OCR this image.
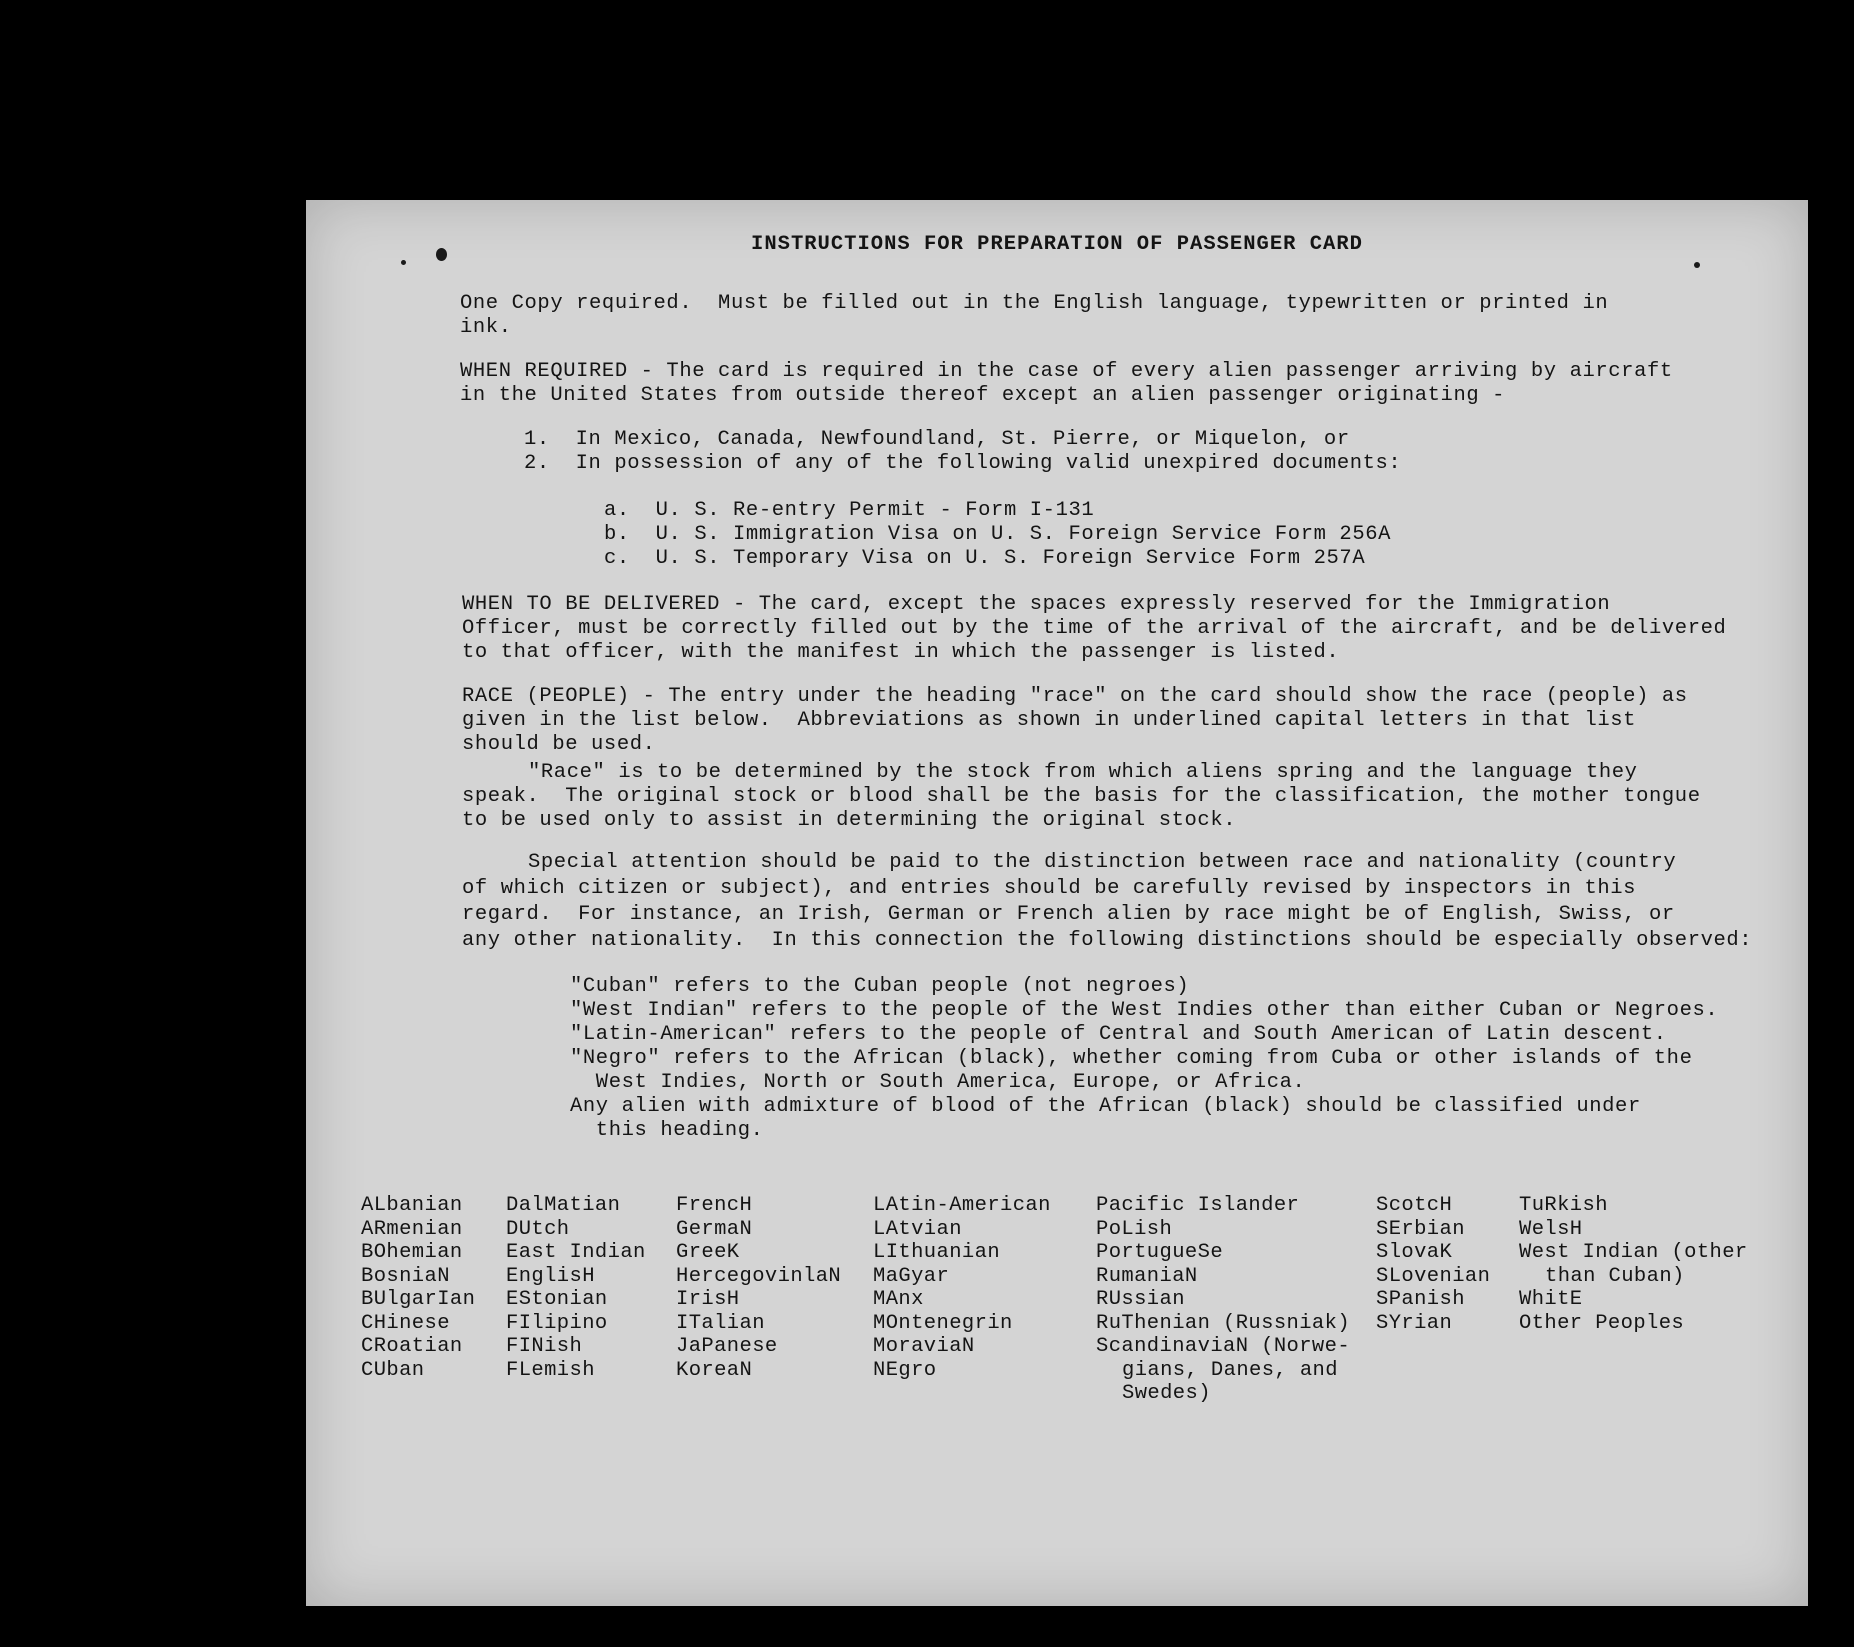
INSTRUCTIONS FOR PREPARATION OF PASSENGER CARD
One Copy required.  Must be filled out in the English language, typewritten or printed in
ink.
WHEN REQUIRED - The card is required in the case of every alien passenger arriving by aircraft
in the United States from outside thereof except an alien passenger originating -
1.  In Mexico, Canada, Newfoundland, St. Pierre, or Miquelon, or
2.  In possession of any of the following valid unexpired documents:
a.  U. S. Re-entry Permit - Form I-131
b.  U. S. Immigration Visa on U. S. Foreign Service Form 256A
c.  U. S. Temporary Visa on U. S. Foreign Service Form 257A
WHEN TO BE DELIVERED - The card, except the spaces expressly reserved for the Immigration
Officer, must be correctly filled out by the time of the arrival of the aircraft, and be delivered
to that officer, with the manifest in which the passenger is listed.
RACE (PEOPLE) - The entry under the heading "race" on the card should show the race (people) as
given in the list below.  Abbreviations as shown in underlined capital letters in that list
should be used.
"Race" is to be determined by the stock from which aliens spring and the language they
speak.  The original stock or blood shall be the basis for the classification, the mother tongue
to be used only to assist in determining the original stock.
Special attention should be paid to the distinction between race and nationality (country
of which citizen or subject), and entries should be carefully revised by inspectors in this
regard.  For instance, an Irish, German or French alien by race might be of English, Swiss, or
any other nationality.  In this connection the following distinctions should be especially observed:
"Cuban" refers to the Cuban people (not negroes)
"West Indian" refers to the people of the West Indies other than either Cuban or Negroes.
"Latin-American" refers to the people of Central and South American of Latin descent.
"Negro" refers to the African (black), whether coming from Cuba or other islands of the
West Indies, North or South America, Europe, or Africa.
Any alien with admixture of blood of the African (black) should be classified under
this heading.
ALbanian
ARmenian
BOhemian
BosniaN
BUlgarIan
CHinese
CRoatian
CUban
DalMatian
DUtch
East Indian
EnglisH
EStonian
FIlipino
FINish
FLemish
FrencH
GermaN
GreeK
HercegovinlaN
IrisH
ITalian
JaPanese
KoreaN
LAtin-American
LAtvian
LIthuanian
MaGyar
MAnx
MOntenegrin
MoraviaN
NEgro
Pacific Islander
PoLish
PortugueSe
RumaniaN
RUssian
RuThenian (Russniak)
ScandinaviaN (Norwe-
gians, Danes, and
Swedes)
ScotcH
SErbian
SlovaK
SLovenian
SPanish
SYrian
TuRkish
WelsH
West Indian (other
than Cuban)
WhitE
Other Peoples
